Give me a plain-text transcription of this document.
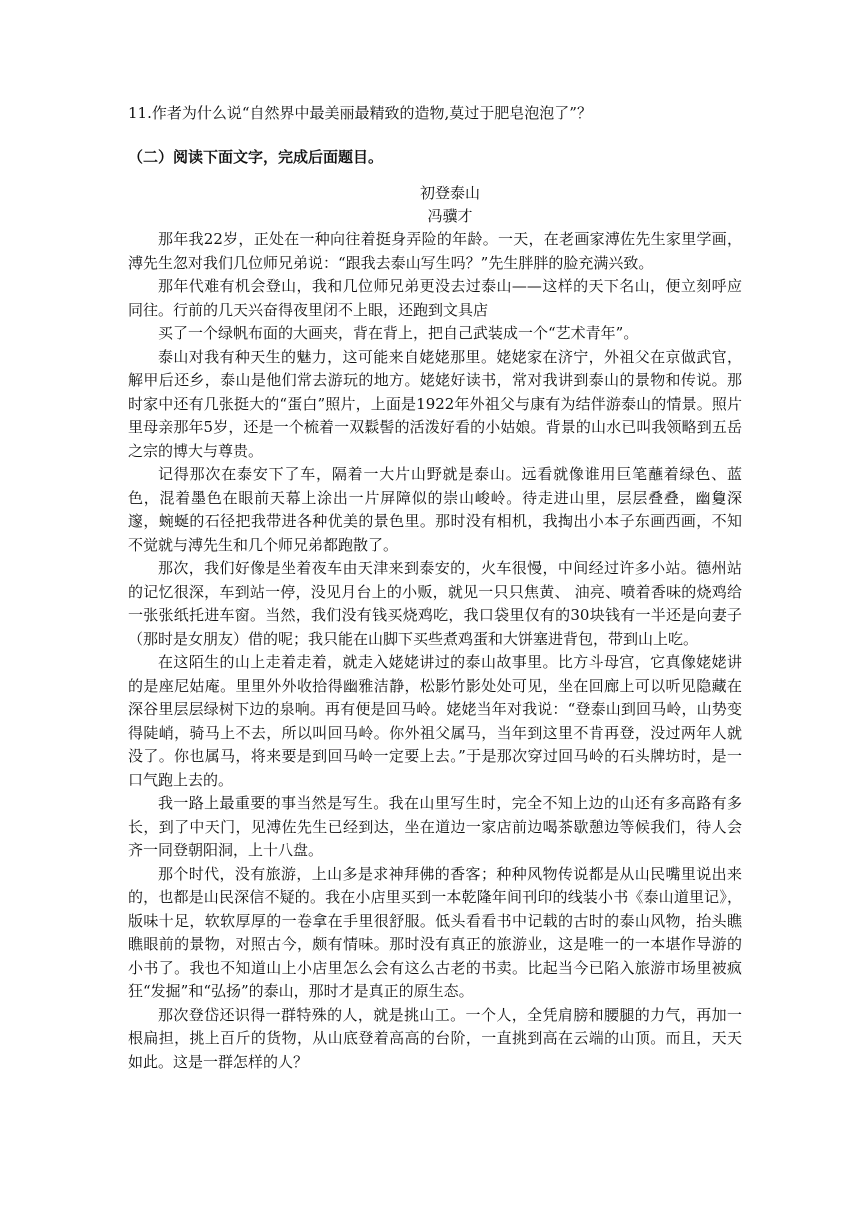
11.作者为什么说“自然界中最美丽最精致的造物,莫过于肥皂泡泡了”？

（二）阅读下面文字，完成后面题目。

初登泰山

冯骥才

那年我22岁，正处在一种向往着挺身弄险的年龄。一天，在老画家溥佐先生家里学画，溥先生忽对我们几位师兄弟说：“跟我去泰山写生吗？”先生胖胖的脸充满兴致。

那年代难有机会登山，我和几位师兄弟更没去过泰山——这样的天下名山，便立刻呼应同往。行前的几天兴奋得夜里闭不上眼，还跑到文具店

买了一个绿帆布面的大画夹，背在背上，把自己武装成一个“艺术青年”。

泰山对我有种天生的魅力，这可能来自姥姥那里。姥姥家在济宁，外祖父在京做武官，解甲后还乡，泰山是他们常去游玩的地方。姥姥好读书，常对我讲到泰山的景物和传说。那时家中还有几张挺大的“蛋白”照片，上面是1922年外祖父与康有为结伴游泰山的情景。照片里母亲那年5岁，还是一个梳着一双鬏髻的活泼好看的小姑娘。背景的山水已叫我领略到五岳之宗的博大与尊贵。

记得那次在泰安下了车，隔着一大片山野就是泰山。远看就像谁用巨笔蘸着绿色、蓝色，混着墨色在眼前天幕上涂出一片屏障似的崇山峻岭。待走进山里，层层叠叠，幽敻深邃，蜿蜒的石径把我带进各种优美的景色里。那时没有相机，我掏出小本子东画西画，不知不觉就与溥先生和几个师兄弟都跑散了。

那次，我们好像是坐着夜车由天津来到泰安的，火车很慢，中间经过许多小站。德州站的记忆很深，车到站一停，没见月台上的小贩，就见一只只焦黄、 油亮、喷着香味的烧鸡给一张张纸托进车窗。当然，我们没有钱买烧鸡吃，我口袋里仅有的30块钱有一半还是向妻子（那时是女朋友）借的呢；我只能在山脚下买些煮鸡蛋和大饼塞进背包，带到山上吃。

在这陌生的山上走着走着，就走入姥姥讲过的泰山故事里。比方斗母宫，它真像姥姥讲的是座尼姑庵。里里外外收拾得幽雅洁静，松影竹影处处可见，坐在回廊上可以听见隐藏在深谷里层层绿树下边的泉响。再有便是回马岭。姥姥当年对我说：“登泰山到回马岭，山势变得陡峭，骑马上不去，所以叫回马岭。你外祖父属马，当年到这里不肯再登，没过两年人就没了。你也属马，将来要是到回马岭一定要上去。”于是那次穿过回马岭的石头牌坊时，是一口气跑上去的。

我一路上最重要的事当然是写生。我在山里写生时，完全不知上边的山还有多高路有多长，到了中天门，见溥佐先生已经到达，坐在道边一家店前边喝茶歇憩边等候我们，待人会齐一同登朝阳洞，上十八盘。

那个时代，没有旅游，上山多是求神拜佛的香客；种种风物传说都是从山民嘴里说出来的，也都是山民深信不疑的。我在小店里买到一本乾隆年间刊印的线装小书《泰山道里记》，版味十足，软软厚厚的一卷拿在手里很舒服。低头看看书中记载的古时的泰山风物，抬头瞧瞧眼前的景物，对照古今，颇有情味。那时没有真正的旅游业，这是唯一的一本堪作导游的小书了。我也不知道山上小店里怎么会有这么古老的书卖。比起当今已陷入旅游市场里被疯狂“发掘”和“弘扬”的泰山，那时才是真正的原生态。

那次登岱还识得一群特殊的人，就是挑山工。一个人，全凭肩膀和腰腿的力气，再加一根扁担，挑上百斤的货物，从山底登着高高的台阶，一直挑到高在云端的山顶。而且，天天如此。这是一群怎样的人？
